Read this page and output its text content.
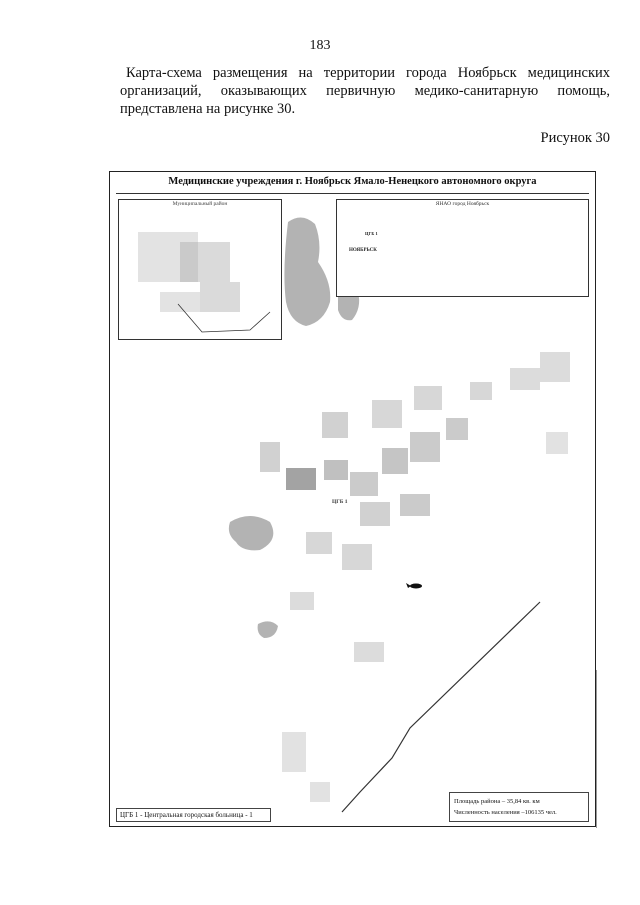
183
Карта-схема размещения на территории города Ноябрьск медицинских
организаций, оказывающих первичную медико-санитарную помощь,
представлена на рисунке 30.
Рисунок 30
Медицинские учреждения г. Ноябрьск Ямало-Ненецкого автономного округа
Муниципальный район	ЯНАО город Ноябрьск
ЦГБ 1
НОЯБРЬСК
ЦГБ 1
ЦГБ 1 - Центральная городская больница - 1
Площадь района – 35,84 кв. км
Численность населения –106135 чел.
